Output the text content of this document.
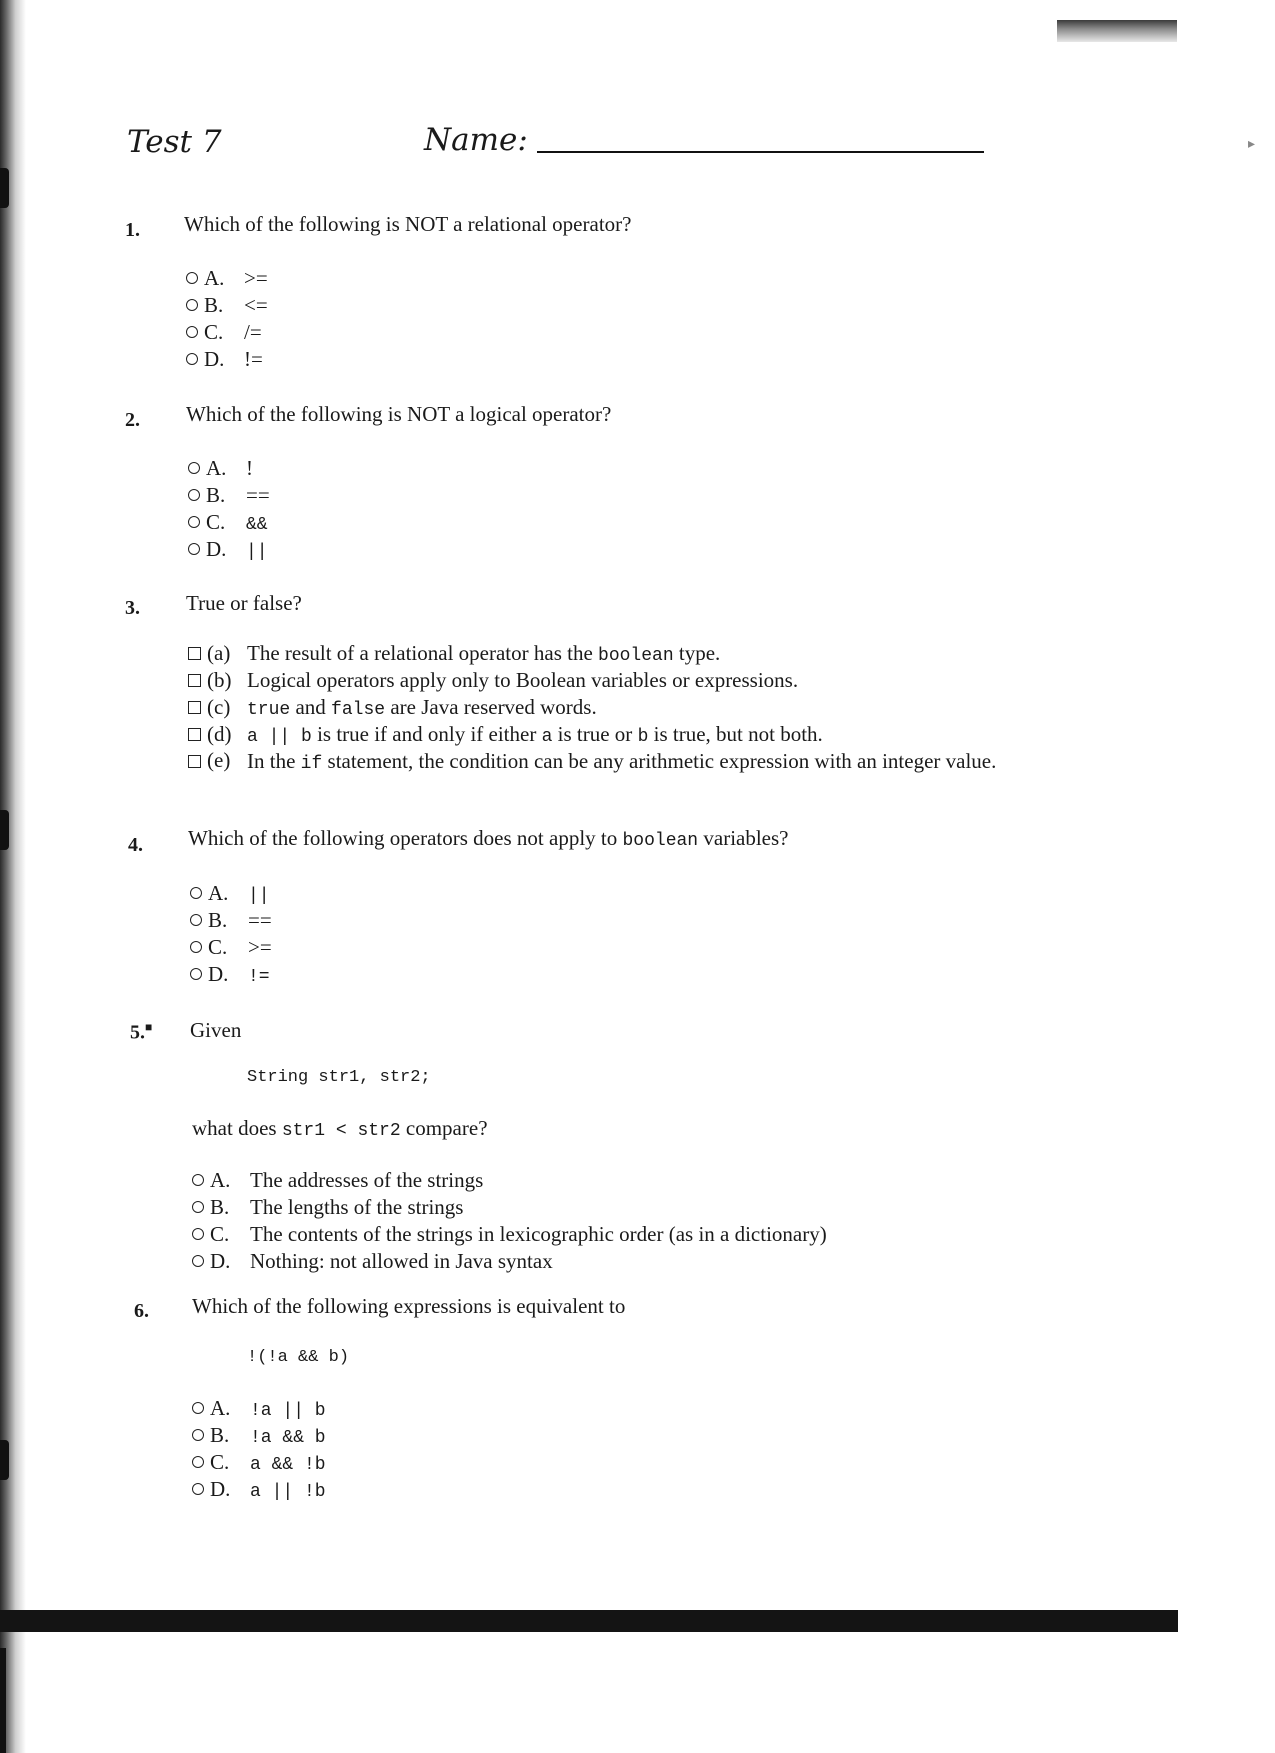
▸
Test 7	Name:
1. Which of the following is NOT a relational operator?
A. >=
B. <=
C. /=
D. !=
2. Which of the following is NOT a logical operator?
A. !
B. ==
C.	&&
D.	||
3. True or false?
(a) The result of a relational operator has the boolean type.
(b) Logical operators apply only to Boolean variables or expressions.
(c) true and false are Java reserved words.
(d) a || b is true if and only if either a is true or b is true, but not both.
(e) In the if statement, the condition can be any arithmetic expression with an integer value.
4. Which of the following operators does not apply to boolean variables?
A.	||
B. ==
C. >=
D.	!=
5.■ Given
String str1, str2;
what does str1 < str2 compare?
A. The addresses of the strings
B. The lengths of the strings
C. The contents of the strings in lexicographic order (as in a dictionary)
D. Nothing: not allowed in Java syntax
6. Which of the following expressions is equivalent to
!(!a && b)
A.	!a || b
B.	!a && b
C.	a && !b
D.	a || !b
